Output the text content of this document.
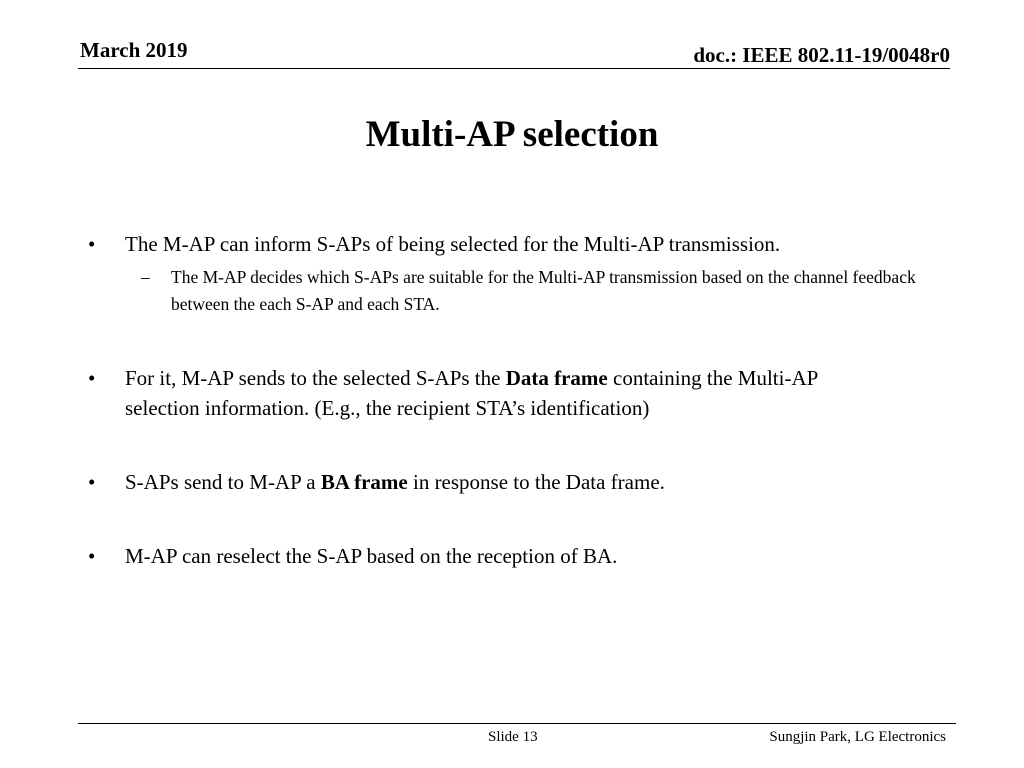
March 2019	doc.: IEEE 802.11-19/0048r0
Multi-AP selection
• The M-AP can inform S-APs of being selected for the Multi-AP transmission.
– The M-AP decides which S-APs are suitable for the Multi-AP transmission based on the channel feedback between the each S-AP and each STA.
• For it, M-AP sends to the selected S-APs the Data frame containing the Multi-AP selection information. (E.g., the recipient STA’s identification)
• S-APs send to M-AP a BA frame in response to the Data frame.
• M-AP can reselect the S-AP based on the reception of BA.
Slide 13	Sungjin Park, LG Electronics
